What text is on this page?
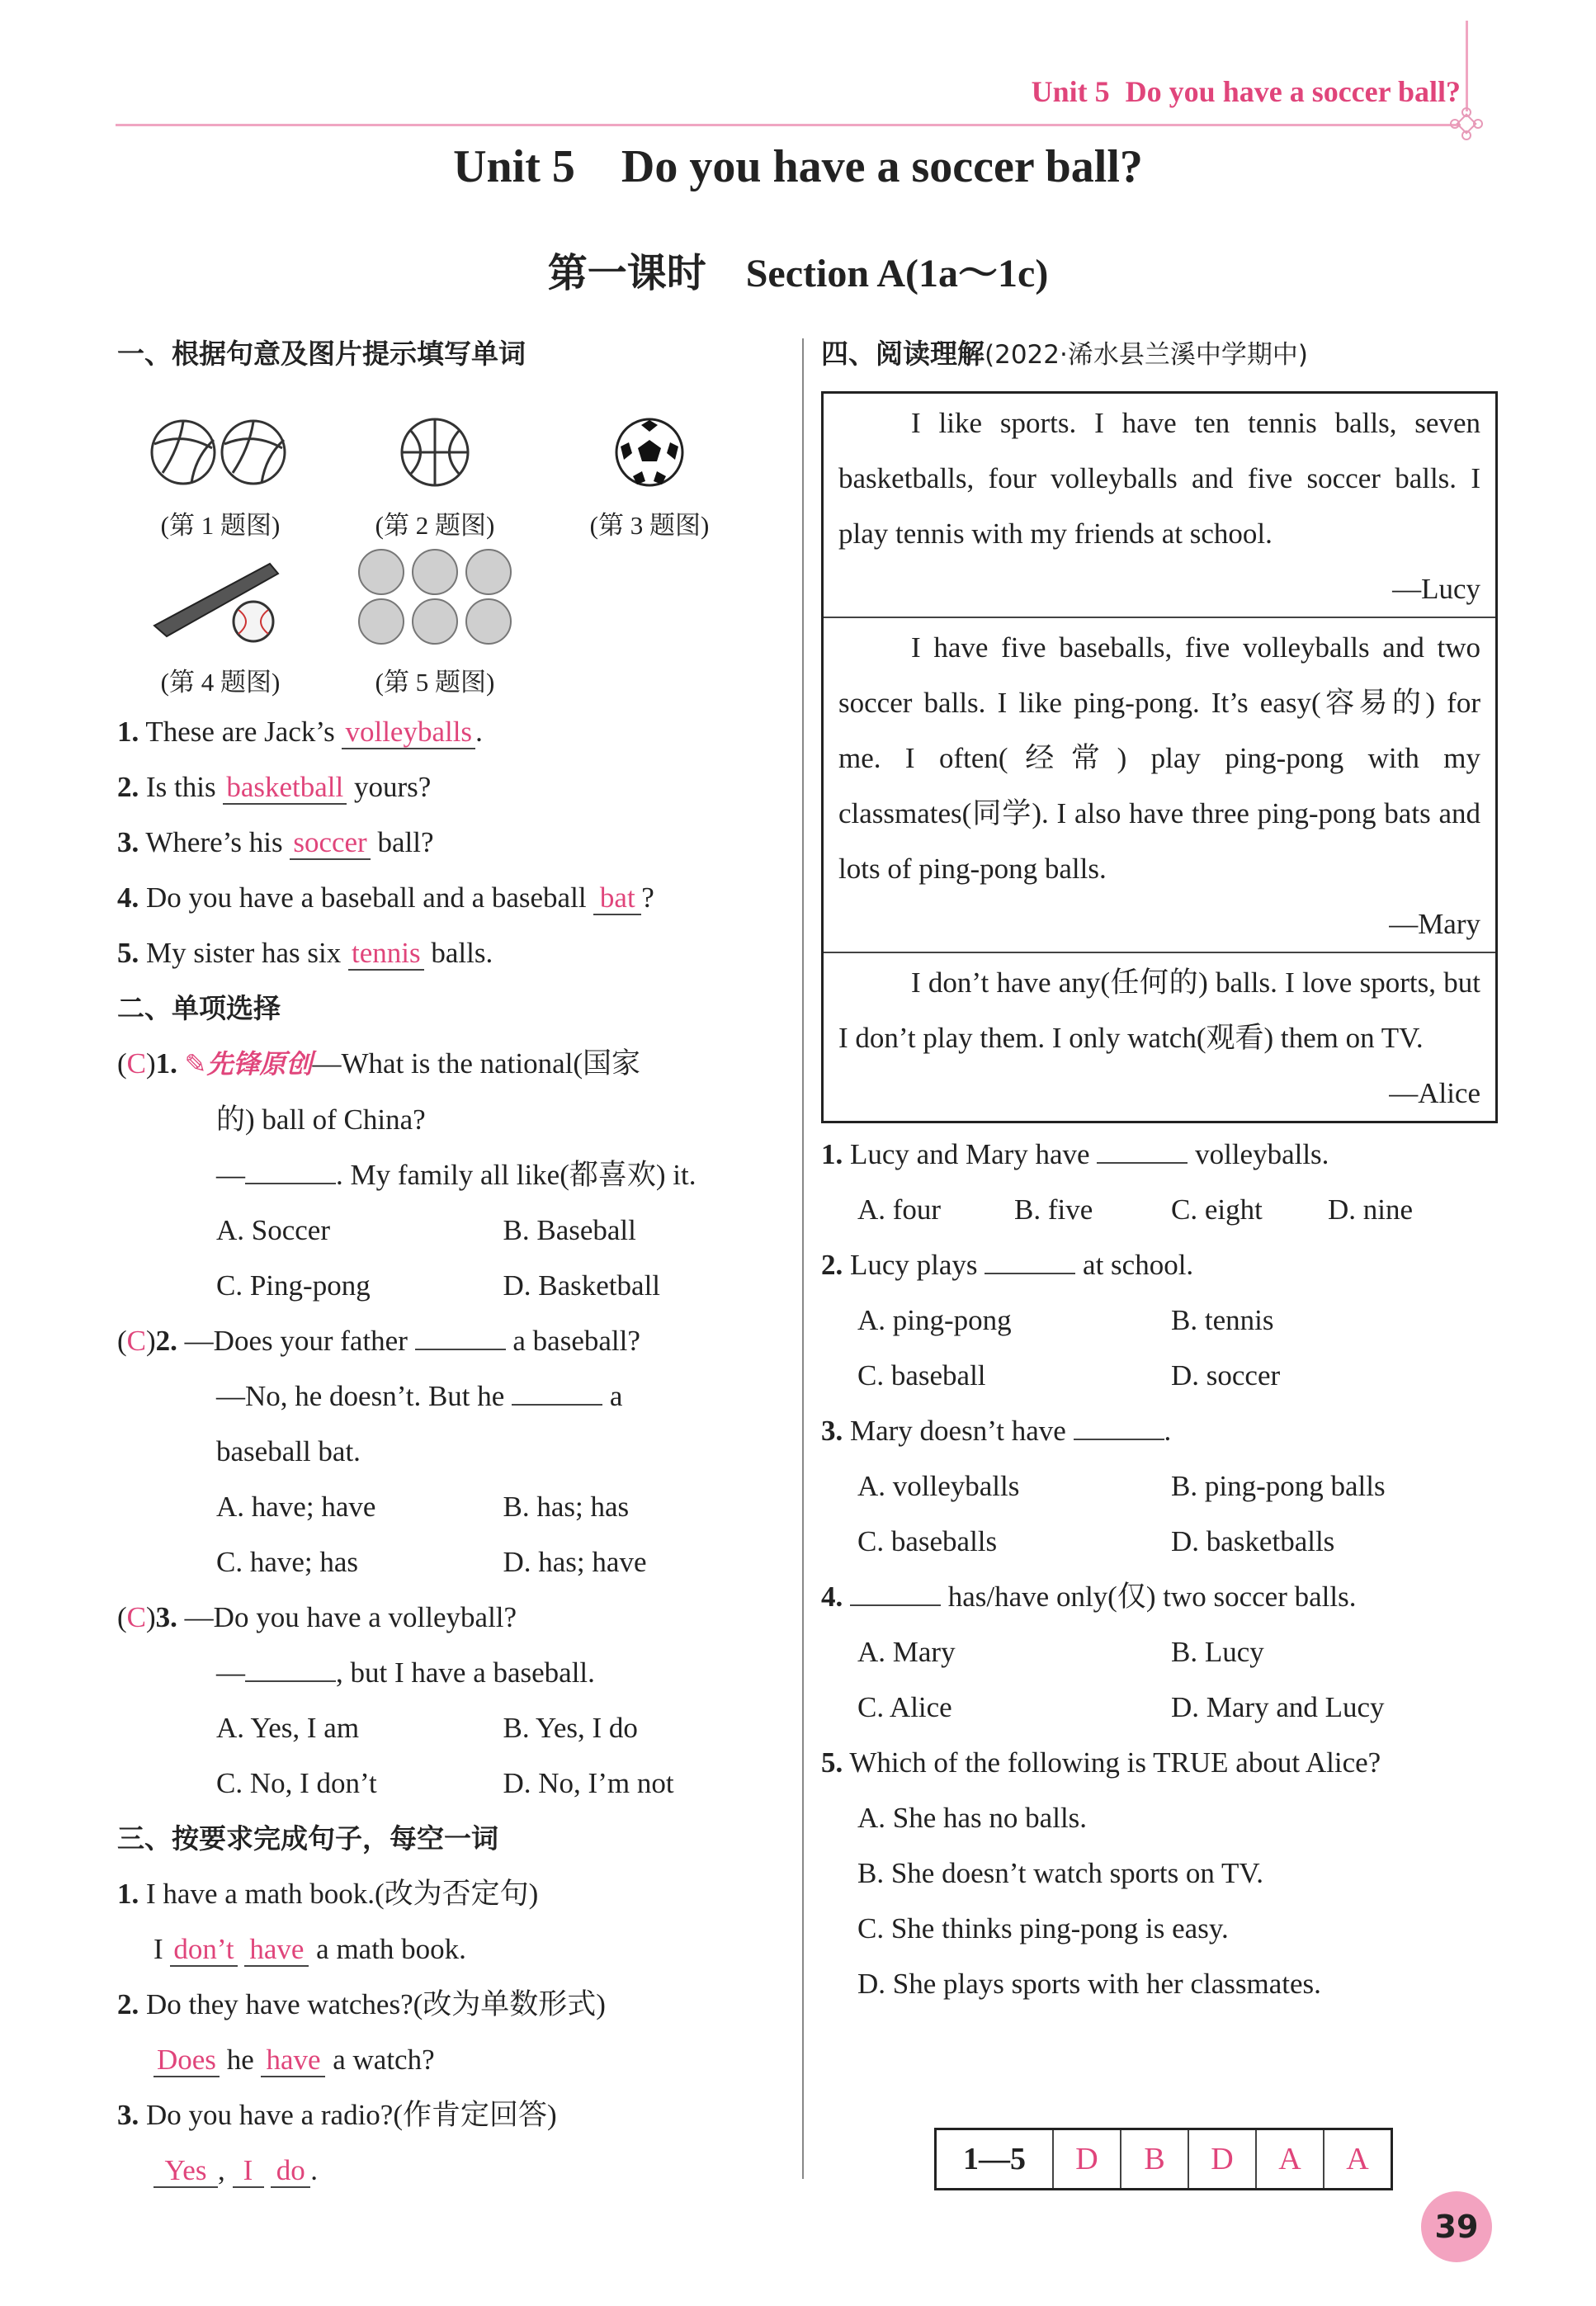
Unit 5 Do you have a soccer ball?
Unit 5    Do you have a soccer ball?
第一课时    Section A(1a～1c)
一、根据句意及图片提示填写单词
(第 1 题图)	(第 2 题图)	(第 3 题图)
(第 4 题图)	(第 5 题图)
1. These are Jack’s volleyballs .
2. Is this basketball yours?
3. Where’s his soccer ball?
4. Do you have a baseball and a baseball bat ?
5. My sister has six tennis balls.
二、单项选择
(C)1. ✎先锋原创—What is the national(国家
的) ball of China?
—	. My family all like(都喜欢) it.
A. Soccer	B. Baseball
C. Ping-pong	D. Basketball
(C)2. —Does your father	a baseball?
—No, he doesn’t. But he	a
baseball bat.
A. have; have	B. has; has
C. have; has	D. has; have
(C)3. —Do you have a volleyball?
—	, but I have a baseball.
A. Yes, I am	B. Yes, I do
C. No, I don’t	D. No, I’m not
三、按要求完成句子，每空一词
1. I have a math book.(改为否定句)
I don’t have a math book.
2. Do they have watches?(改为单数形式)
Does he have a watch?
3. Do you have a radio?(作肯定回答)
Yes , I do .
四、阅读理解(2022·浠水县兰溪中学期中)
I like sports. I have ten tennis balls, seven basketballs, four volleyballs and five soccer balls. I play tennis with my friends at school.
—Lucy
I have five baseballs, five volleyballs and two soccer balls. I like ping-pong. It’s easy(容易的) for me. I often(经常) play ping-pong with my classmates(同学). I also have three ping-pong bats and lots of ping-pong balls.
—Mary
I don’t have any(任何的) balls. I love sports, but I don’t play them. I only watch(观看) them on TV.
—Alice
1. Lucy and Mary have	volleyballs.
A. four	B. five	C. eight	D. nine
2. Lucy plays	at school.
A. ping-pong	B. tennis
C. baseball	D. soccer
3. Mary doesn’t have	.
A. volleyballs	B. ping-pong balls
C. baseballs	D. basketballs
4.	has/have only(仅) two soccer balls.
A. Mary	B. Lucy
C. Alice	D. Mary and Lucy
5. Which of the following is TRUE about Alice?
A. She has no balls.
B. She doesn’t watch sports on TV.
C. She thinks ping-pong is easy.
D. She plays sports with her classmates.
1—5	D	B	D	A	A
39
